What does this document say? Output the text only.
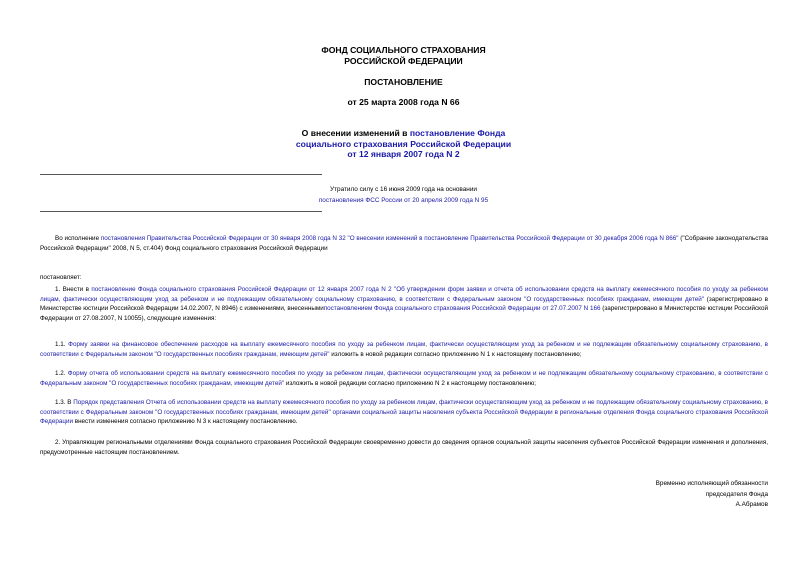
ФОНД СОЦИАЛЬНОГО СТРАХОВАНИЯ
РОССИЙСКОЙ ФЕДЕРАЦИИ
ПОСТАНОВЛЕНИЕ
от 25 марта 2008 года N 66
О внесении изменений в постановление Фонда
социального страхования Российской Федерации
от 12 января 2007 года N 2
Утратило силу с 16 июня 2009 года на основании
постановления ФСС России от 20 апреля 2009 года N 95

Во исполнение постановления Правительства Российской Федерации от 30 января 2008 года N 32 "О внесении изменений в постановление Правительства Российской Федерации от 30 декабря 2006 года N 866" ("Собрание законодательства Российской Федерации" 2008, N 5, ст.404) Фонд социального страхования Российской Федерации

постановляет:

1. Внести в постановление Фонда социального страхования Российской Федерации от 12 января 2007 года N 2 "Об утверждении форм заявки и отчета об использовании средств на выплату ежемесячного пособия по уходу за ребенком лицам, фактически осуществляющим уход за ребенком и не подлежащим обязательному социальному страхованию, в соответствии с Федеральным законом "О государственных пособиях гражданам, имеющим детей" (зарегистрировано в Министерстве юстиции Российской Федерации 14.02.2007, N 8946) с изменениями, внесеннымипостановлением Фонда социального страхования Российской Федерации от 27.07.2007 N 166 (зарегистрировано в Министерстве юстиции Российской Федерации от 27.08.2007, N 10055), следующие изменения:

1.1. Форму заявки на финансовое обеспечение расходов на выплату ежемесячного пособия по уходу за ребенком лицам, фактически осуществляющим уход за ребенком и не подлежащим обязательному социальному страхованию, в соответствии с Федеральным законом "О государственных пособиях гражданам, имеющим детей" изложить в новой редакции согласно приложению N 1 к настоящему постановлению;

1.2. Форму отчета об использовании средств на выплату ежемесячного пособия по уходу за ребенком лицам, фактически осуществляющим уход за ребенком и не подлежащим обязательному социальному страхованию, в соответствии с Федеральным законом "О государственных пособиях гражданам, имеющим детей" изложить в новой редакции согласно приложению N 2 к настоящему постановлению;

1.3. В Порядок представления Отчета об использовании средств на выплату ежемесячного пособия по уходу за ребенком лицам, фактически осуществляющим уход за ребенком и не подлежащим обязательному социальному страхованию, в соответствии с Федеральным законом "О государственных пособиях гражданам, имеющим детей" органами социальной защиты населения субъекта Российской Федерации в региональные отделения Фонда социального страхования Российской Федерации внести изменения согласно приложению N 3 к настоящему постановлению.

2. Управляющим региональными отделениями Фонда социального страхования Российской Федерации своевременно довести до сведения органов социальной защиты населения субъектов Российской Федерации изменения и дополнения, предусмотренные настоящим постановлением.

Временно исполняющий обязанности
председателя Фонда
А.Абрамов
